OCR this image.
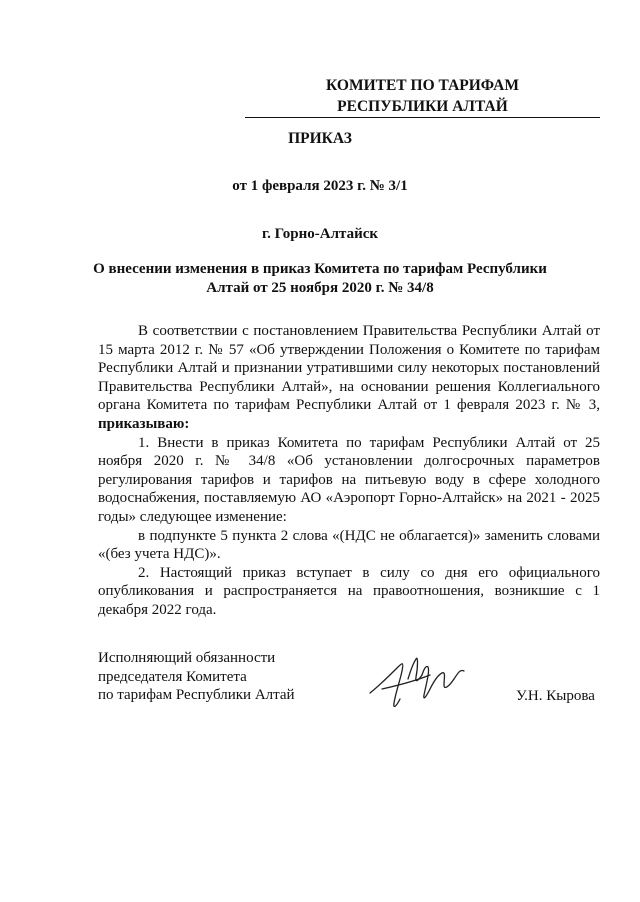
КОМИТЕТ ПО ТАРИФАМ
РЕСПУБЛИКИ АЛТАЙ
ПРИКАЗ
от 1 февраля 2023 г. № 3/1
г. Горно-Алтайск
О внесении изменения в приказ Комитета по тарифам Республики
Алтай от 25 ноября 2020 г. № 34/8

В соответствии с постановлением Правительства Республики Алтай от 15 марта 2012 г. № 57 «Об утверждении Положения о Комитете по тарифам Республики Алтай и признании утратившими силу некоторых постановлений Правительства Республики Алтай», на основании решения Коллегиального органа Комитета по тарифам Республики Алтай от 1 февраля 2023 г. № 3, приказываю:

1. Внести в приказ Комитета по тарифам Республики Алтай от 25 ноября 2020 г. № 34/8 «Об установлении долгосрочных параметров регулирования тарифов и тарифов на питьевую воду в сфере холодного водоснабжения, поставляемую АО «Аэропорт Горно-Алтайск» на 2021 - 2025 годы» следующее изменение:

в подпункте 5 пункта 2 слова «(НДС не облагается)» заменить словами «(без учета НДС)».

2. Настоящий приказ вступает в силу со дня его официального опубликования и распространяется на правоотношения, возникшие с 1 декабря 2022 года.

Исполняющий обязанности
председателя Комитета
по тарифам Республики Алтай	У.Н. Кырова
